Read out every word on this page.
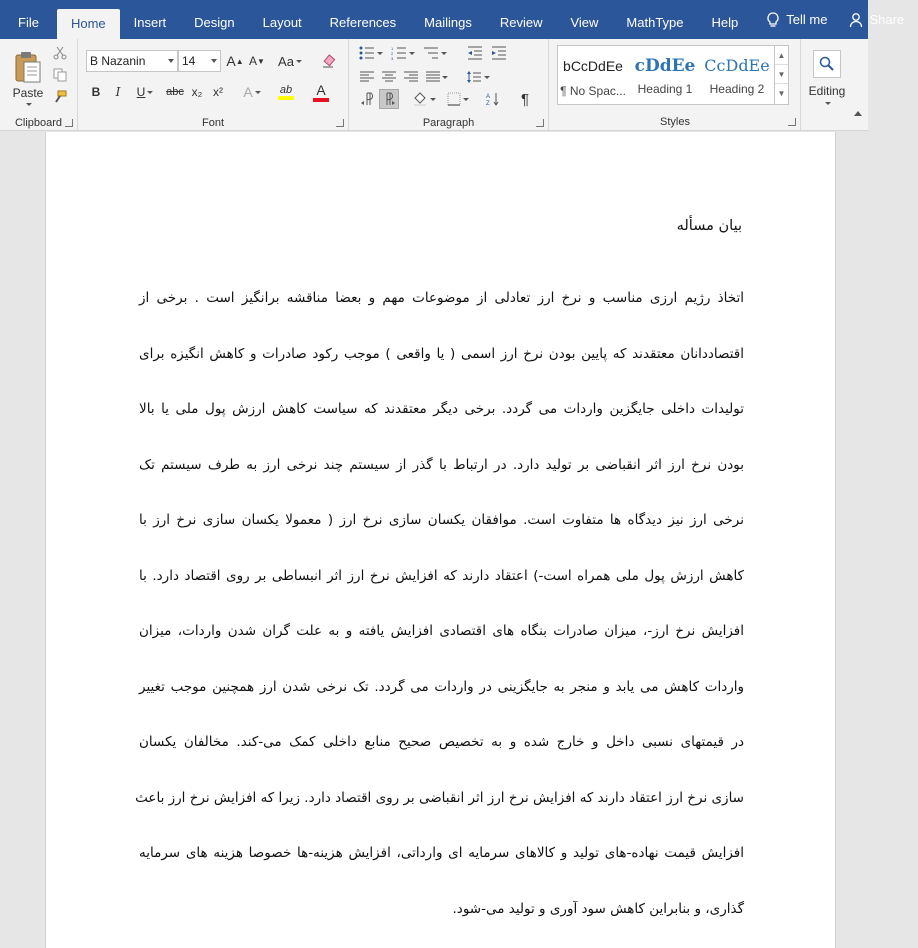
File	Home	Insert	Design	Layout	References	Mailings	Review	View	MathType	Help	Tell me	Share
Paste
Clipboard
B Nazanin	14	A ▲ A ▼ Aa
B I U abc x₂ x² A ab A
Font
1
2
3
A
Z ¶
Paragraph
bCcDdEe
¶ No Spac...
cDdEe
Heading 1
CcDdEe
Heading 2
▲
▼
▼
Styles
Editing
بیان مسأله
اتخاذ رژیم ارزی مناسب و نرخ ارز تعادلی از موضوعات مهم و بعضا مناقشه برانگیز است . برخی از
اقتصاددانان معتقدند که پایین بودن نرخ ارز اسمی ( یا واقعی ) موجب رکود صادرات و کاهش انگیزه برای
تولیدات داخلی جایگزین واردات می گردد. برخی دیگر معتقدند که سیاست کاهش ارزش پول ملی یا بالا
بودن نرخ ارز اثر انقباضی بر تولید دارد. در ارتباط با گذر از سیستم چند نرخی ارز به طرف سیستم تک
نرخی ارز نیز دیدگاه ها متفاوت است. موافقان یکسان سازی نرخ ارز ( معمولا یکسان سازی نرخ ارز با
کاهش ارزش پول ملی همراه است-) اعتقاد دارند که افزایش نرخ ارز اثر انبساطی بر روی اقتصاد دارد. با
افزایش نرخ ارز-، میزان صادرات بنگاه های اقتصادی افزایش یافته و به علت گران شدن واردات، میزان
واردات کاهش می یابد و منجر به جایگزینی در واردات می گردد. تک نرخی شدن ارز همچنین موجب تغییر
در قیمتهای نسبی داخل و خارج شده و به تخصیص صحیح منابع داخلی کمک می-کند. مخالفان یکسان
سازی نرخ ارز اعتقاد دارند که افزایش نرخ ارز اثر انقباضی بر روی اقتصاد دارد. زیرا که افزایش نرخ ارز باعث
افزایش قیمت نهاده-های تولید و کالاهای سرمایه ای وارداتی، افزایش هزینه-ها خصوصا هزینه های سرمایه
گذاری، و بنابراین کاهش سود آوری و تولید می-شود.
